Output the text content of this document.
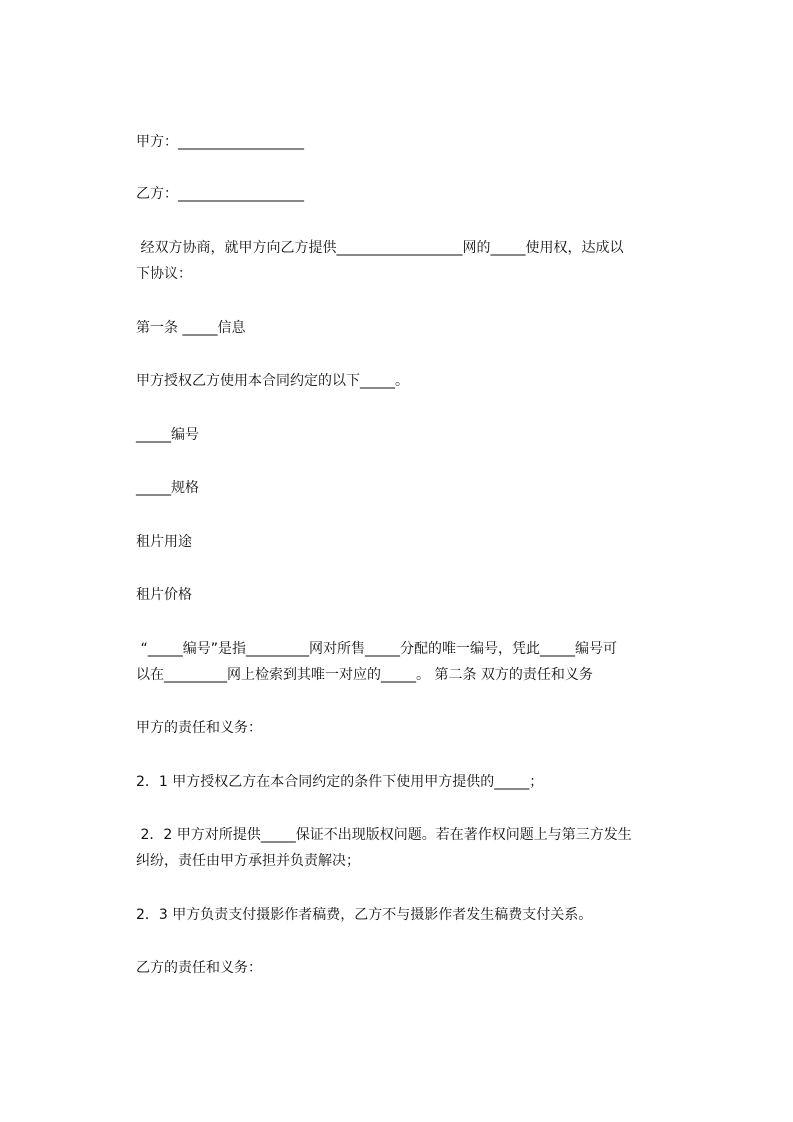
甲方：__________________

乙方：__________________

经双方协商，就甲方向乙方提供__________________网的_____使用权，达成以

下协议：

第一条 _____信息

甲方授权乙方使用本合同约定的以下_____。

_____编号

_____规格

租片用途

租片价格

“_____编号”是指_________网对所售_____分配的唯一编号，凭此_____编号可

以在_________网上检索到其唯一对应的_____。 第二条 双方的责任和义务

甲方的责任和义务：

2．1 甲方授权乙方在本合同约定的条件下使用甲方提供的_____；

2．2 甲方对所提供_____保证不出现版权问题。若在著作权问题上与第三方发生

纠纷，责任由甲方承担并负责解决；

2．3 甲方负责支付摄影作者稿费，乙方不与摄影作者发生稿费支付关系。

乙方的责任和义务：
